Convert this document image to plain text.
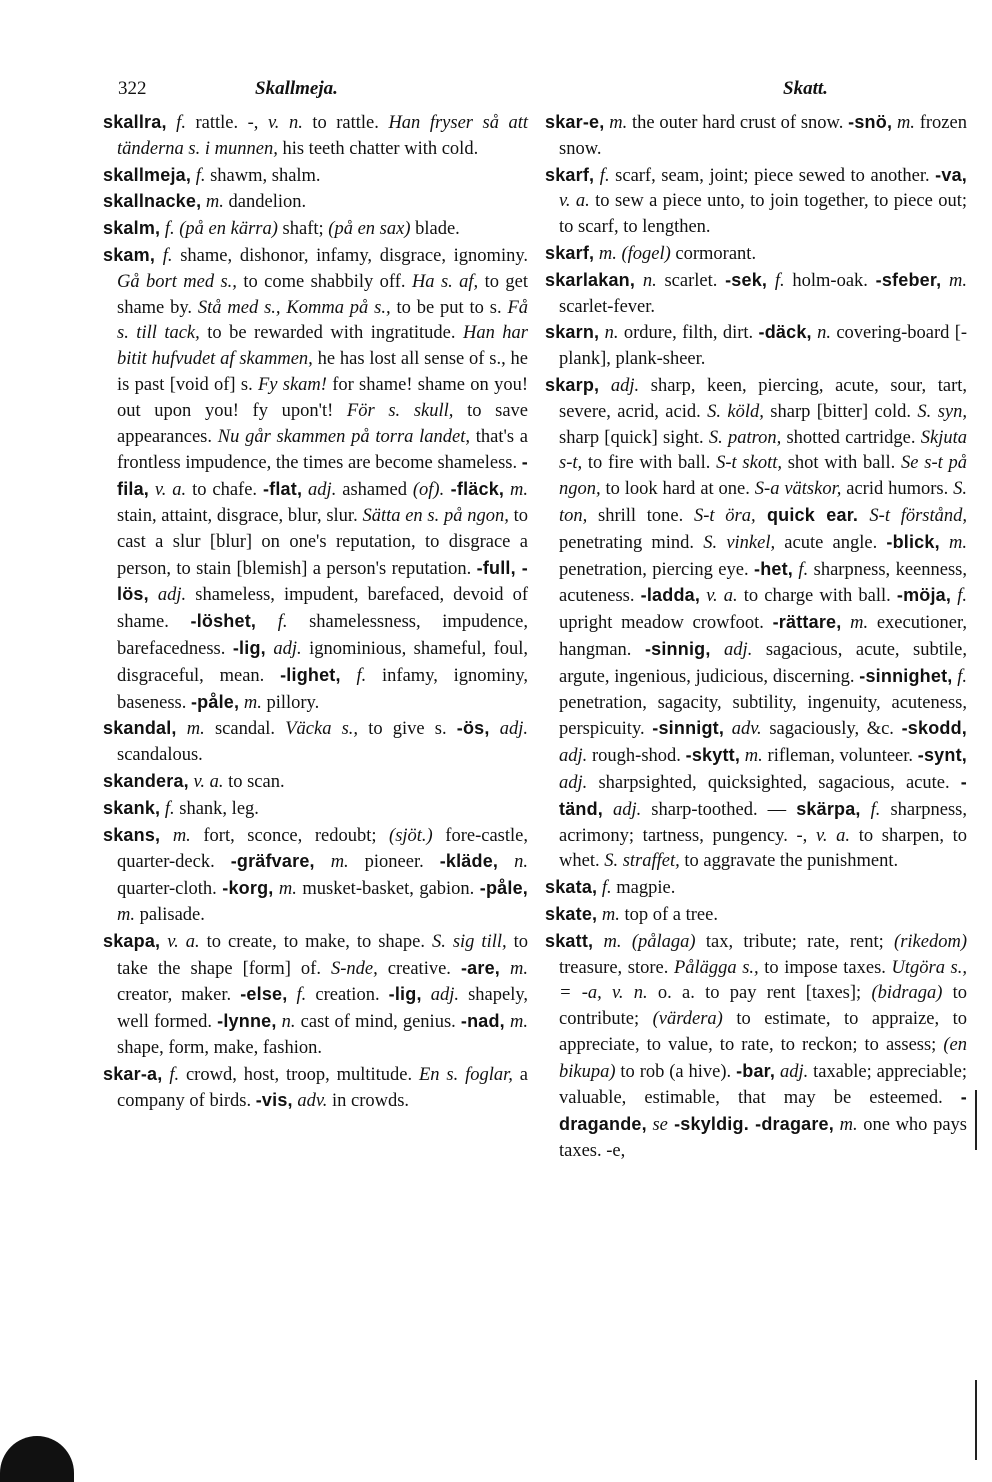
322	Skallmeja.	Skatt.
skallra, f. rattle. -, v. n. to rattle. Han fryser så att tänderna s. i munnen, his teeth chatter with cold.
skallmeja, f. shawm, shalm.
skallnacke, m. dandelion.
skalm, f. (på en kärra) shaft; (på en sax) blade.
skam, f. shame, dishonor, infamy, disgrace, ignominy. Gå bort med s., to come shabbily off. Ha s. af, to get shame by. Stå med s., Komma på s., to be put to s. Få s. till tack, to be rewarded with ingratitude. Han har bitit hufvudet af skammen, he has lost all sense of s., he is past [void of] s. Fy skam! for shame! shame on you! out upon you! fy upon't! För s. skull, to save appearances. Nu går skammen på torra landet, that's a frontless impudence, the times are become shameless. -fila, v. a. to chafe. -flat, adj. ashamed (of). -fläck, m. stain, attaint, disgrace, blur, slur. Sätta en s. på ngon, to cast a slur [blur] on one's reputation, to disgrace a person, to stain [blemish] a person's reputation. -full, -lös, adj. shameless, impudent, barefaced, devoid of shame. -löshet, f. shamelessness, impudence, barefacedness. -lig, adj. ignominious, shameful, foul, disgraceful, mean. -lighet, f. infamy, ignominy, baseness. -påle, m. pillory.
skandal, m. scandal. Väcka s., to give s. -ös, adj. scandalous.
skandera, v. a. to scan.
skank, f. shank, leg.
skans, m. fort, sconce, redoubt; (sjöt.) fore-castle, quarter-deck. -gräfvare, m. pioneer. -kläde, n. quarter-cloth. -korg, m. musket-basket, gabion. -påle, m. palisade.
skapa, v. a. to create, to make, to shape. S. sig till, to take the shape [form] of. S-nde, creative. -are, m. creator, maker. -else, f. creation. -lig, adj. shapely, well formed. -lynne, n. cast of mind, genius. -nad, m. shape, form, make, fashion.
skar-a, f. crowd, host, troop, multitude. En s. foglar, a company of birds. -vis, adv. in crowds.
skar-e, m. the outer hard crust of snow. -snö, m. frozen snow.
skarf, f. scarf, seam, joint; piece sewed to another. -va, v. a. to sew a piece unto, to join together, to piece out; to scarf, to lengthen.
skarf, m. (fogel) cormorant.
skarlakan, n. scarlet. -sek, f. holm-oak. -sfeber, m. scarlet-fever.
skarn, n. ordure, filth, dirt. -däck, n. covering-board [-plank], plank-sheer.
skarp, adj. sharp, keen, piercing, acute, sour, tart, severe, acrid, acid. S. köld, sharp [bitter] cold. S. syn, sharp [quick] sight. S. patron, shotted cartridge. Skjuta s-t, to fire with ball. S-t skott, shot with ball. Se s-t på ngon, to look hard at one. S-a vätskor, acrid humors. S. ton, shrill tone. S-t öra, quick ear. S-t förstånd, penetrating mind. S. vinkel, acute angle. -blick, m. penetration, piercing eye. -het, f. sharpness, keenness, acuteness. -ladda, v. a. to charge with ball. -möja, f. upright meadow crowfoot. -rättare, m. executioner, hangman. -sinnig, adj. sagacious, acute, subtile, argute, ingenious, judicious, discerning. -sinnighet, f. penetration, sagacity, subtility, ingenuity, acuteness, perspicuity. -sinnigt, adv. sagaciously, &c. -skodd, adj. rough-shod. -skytt, m. rifleman, volunteer. -synt, adj. sharpsighted, quicksighted, sagacious, acute. -tänd, adj. sharp-toothed. — skärpa, f. sharpness, acrimony; tartness, pungency. -, v. a. to sharpen, to whet. S. straffet, to aggravate the punishment.
skata, f. magpie.
skate, m. top of a tree.
skatt, m. (pålaga) tax, tribute; rate, rent; (rikedom) treasure, store. Pålägga s., to impose taxes. Utgöra s., = -a, v. n. o. a. to pay rent [taxes]; (bidraga) to contribute; (värdera) to estimate, to appraize, to appreciate, to value, to rate, to reckon; to assess; (en bikupa) to rob (a hive). -bar, adj. taxable; appreciable; valuable, estimable, that may be esteemed. -dragande, se -skyldig. -dragare, m. one who pays taxes. -e,
